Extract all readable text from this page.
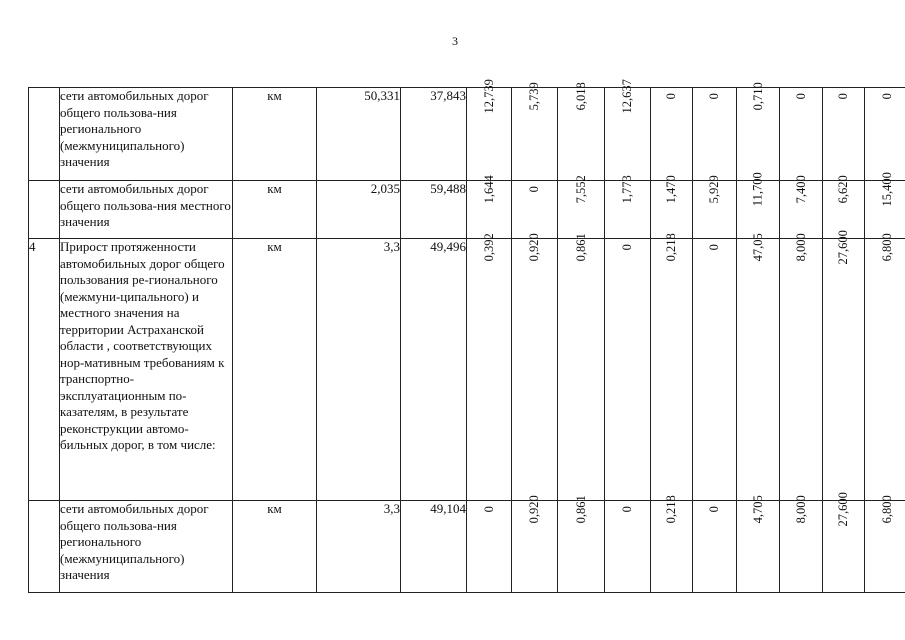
3
	сети автомобильных дорог общего пользова-ния регионального (межмуниципального) значения	км	50,331	37,843	12,739	5,739	6,018	12,637	0	0	0,710	0	0	0
	сети автомобильных дорог общего пользова-ния местного значения	км	2,035	59,488	1,644	0	7,552	1,773	1,470	5,929	11,700	7,400	6,620	15,400
4	Прирост протяженности автомобильных дорог общего пользования ре-гионального (межмуни-ципального) и местного значения на территории Астраханской области , соответствующих нор-мативным требованиям к транспортно-эксплуатационным по-казателям, в результате реконструкции автомо-бильных дорог, в том числе:	км	3,3	49,496	0,392	0,920	0,861	0	0,218	0	47,05	8,000	27,600	6,800
	сети автомобильных дорог общего пользова-ния регионального (межмуниципального) значения	км	3,3	49,104	0	0,920	0,861	0	0,218	0	4,705	8,000	27,600	6,800
